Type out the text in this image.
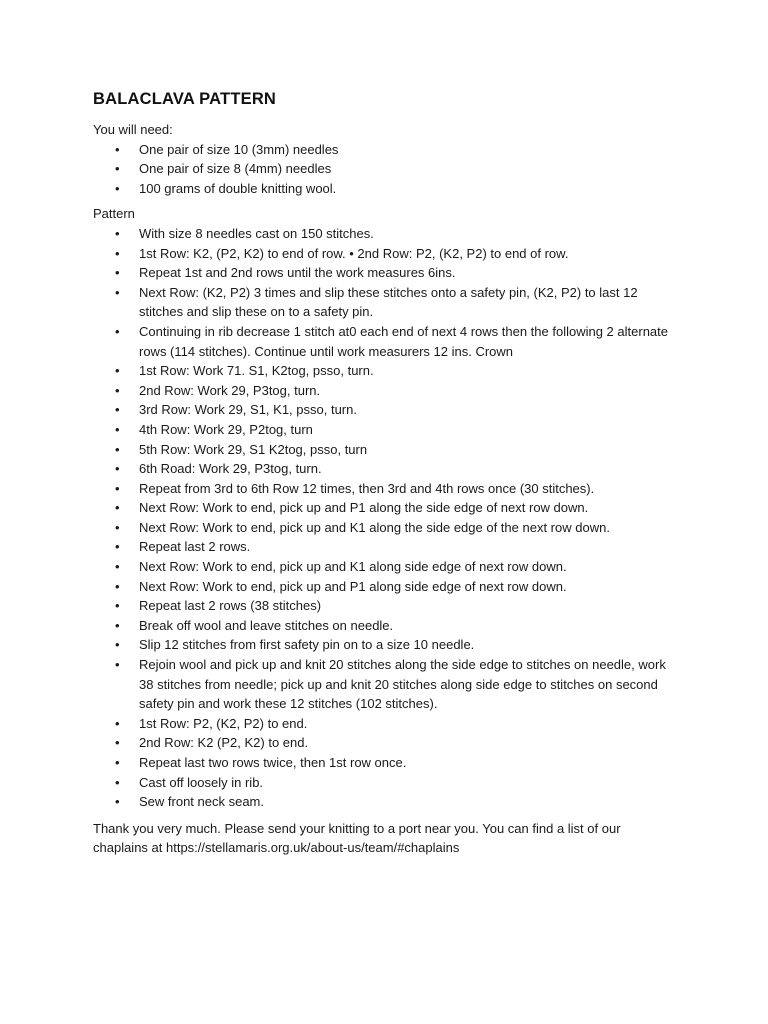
BALACLAVA PATTERN

You will need:

• One pair of size 10 (3mm) needles
• One pair of size 8 (4mm) needles
• 100 grams of double knitting wool.

Pattern

• With size 8 needles cast on 150 stitches.
• 1st Row: K2, (P2, K2) to end of row. • 2nd Row: P2, (K2, P2) to end of row.
• Repeat 1st and 2nd rows until the work measures 6ins.
• Next Row: (K2, P2) 3 times and slip these stitches onto a safety pin, (K2, P2) to last 12 stitches and slip these on to a safety pin.
• Continuing in rib decrease 1 stitch at0 each end of next 4 rows then the following 2 alternate rows (114 stitches). Continue until work measurers 12 ins. Crown
• 1st Row: Work 71. S1, K2tog, psso, turn.
• 2nd Row: Work 29, P3tog, turn.
• 3rd Row: Work 29, S1, K1, psso, turn.
• 4th Row: Work 29, P2tog, turn
• 5th Row: Work 29, S1 K2tog, psso, turn
• 6th Road: Work 29, P3tog, turn.
• Repeat from 3rd to 6th Row 12 times, then 3rd and 4th rows once (30 stitches).
• Next Row: Work to end, pick up and P1 along the side edge of next row down.
• Next Row: Work to end, pick up and K1 along the side edge of the next row down.
• Repeat last 2 rows.
• Next Row: Work to end, pick up and K1 along side edge of next row down.
• Next Row: Work to end, pick up and P1 along side edge of next row down.
• Repeat last 2 rows (38 stitches)
• Break off wool and leave stitches on needle.
• Slip 12 stitches from first safety pin on to a size 10 needle.
• Rejoin wool and pick up and knit 20 stitches along the side edge to stitches on needle, work 38 stitches from needle; pick up and knit 20 stitches along side edge to stitches on second safety pin and work these 12 stitches (102 stitches).
• 1st Row: P2, (K2, P2) to end.
• 2nd Row: K2 (P2, K2) to end.
• Repeat last two rows twice, then 1st row once.
• Cast off loosely in rib.
• Sew front neck seam.

Thank you very much. Please send your knitting to a port near you. You can find a list of our chaplains at https://stellamaris.org.uk/about-us/team/#chaplains
